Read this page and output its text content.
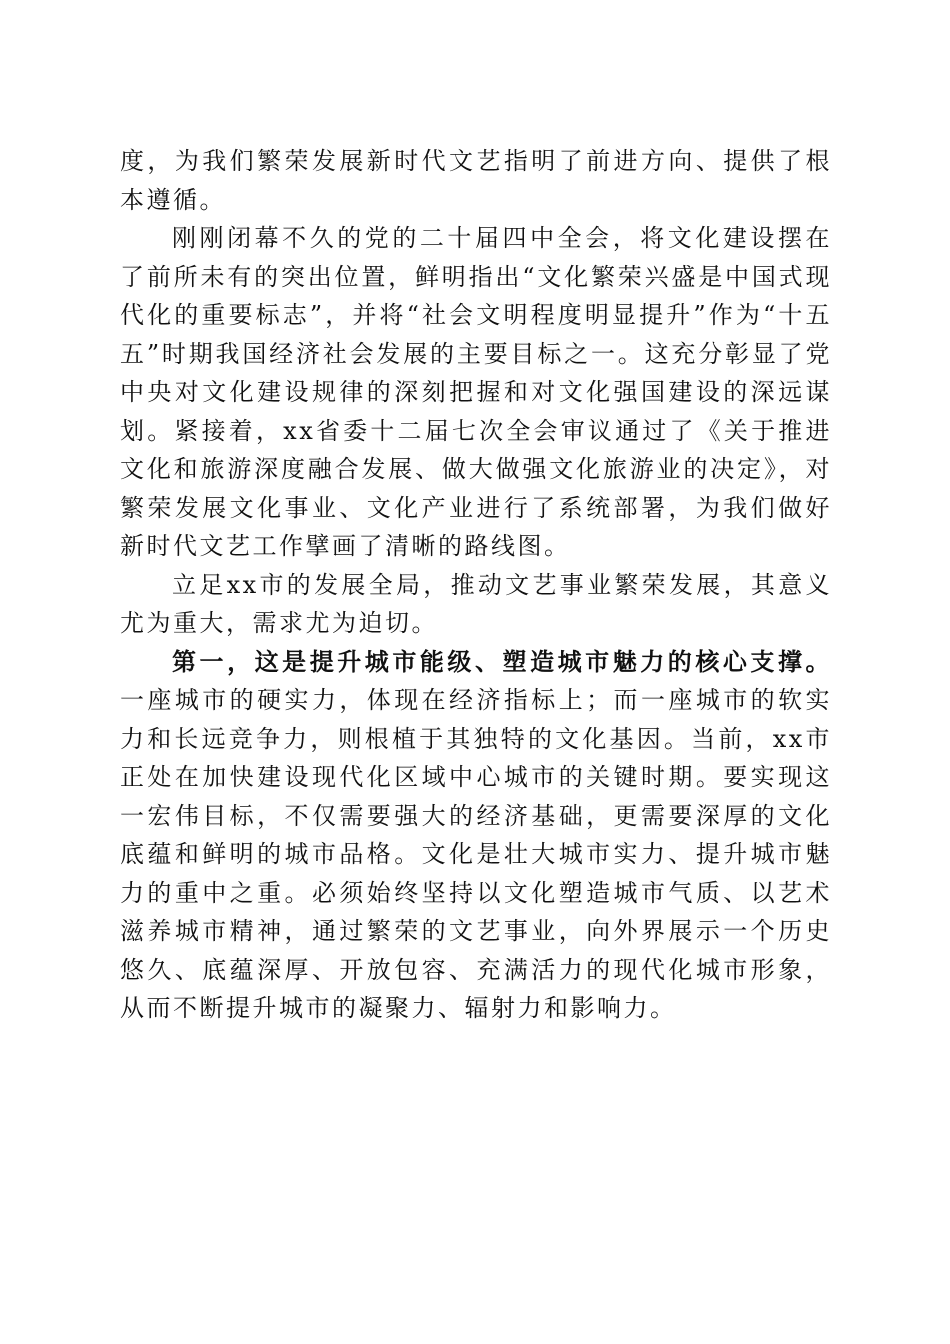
度，为我们繁荣发展新时代文艺指明了前进方向、提供了根本遵循。

刚刚闭幕不久的党的二十届四中全会，将文化建设摆在了前所未有的突出位置，鲜明指出“文化繁荣兴盛是中国式现代化的重要标志”，并将“社会文明程度明显提升”作为“十五五”时期我国经济社会发展的主要目标之一。这充分彰显了党中央对文化建设规律的深刻把握和对文化强国建设的深远谋划。紧接着，xx省委十二届七次全会审议通过了《关于推进文化和旅游深度融合发展、做大做强文化旅游业的决定》，对繁荣发展文化事业、文化产业进行了系统部署，为我们做好新时代文艺工作擘画了清晰的路线图。

立足xx市的发展全局，推动文艺事业繁荣发展，其意义尤为重大，需求尤为迫切。

第一，这是提升城市能级、塑造城市魅力的核心支撑。一座城市的硬实力，体现在经济指标上；而一座城市的软实力和长远竞争力，则根植于其独特的文化基因。当前，xx市正处在加快建设现代化区域中心城市的关键时期。要实现这一宏伟目标，不仅需要强大的经济基础，更需要深厚的文化底蕴和鲜明的城市品格。文化是壮大城市实力、提升城市魅力的重中之重。必须始终坚持以文化塑造城市气质、以艺术滋养城市精神，通过繁荣的文艺事业，向外界展示一个历史悠久、底蕴深厚、开放包容、充满活力的现代化城市形象，从而不断提升城市的凝聚力、辐射力和影响力。
